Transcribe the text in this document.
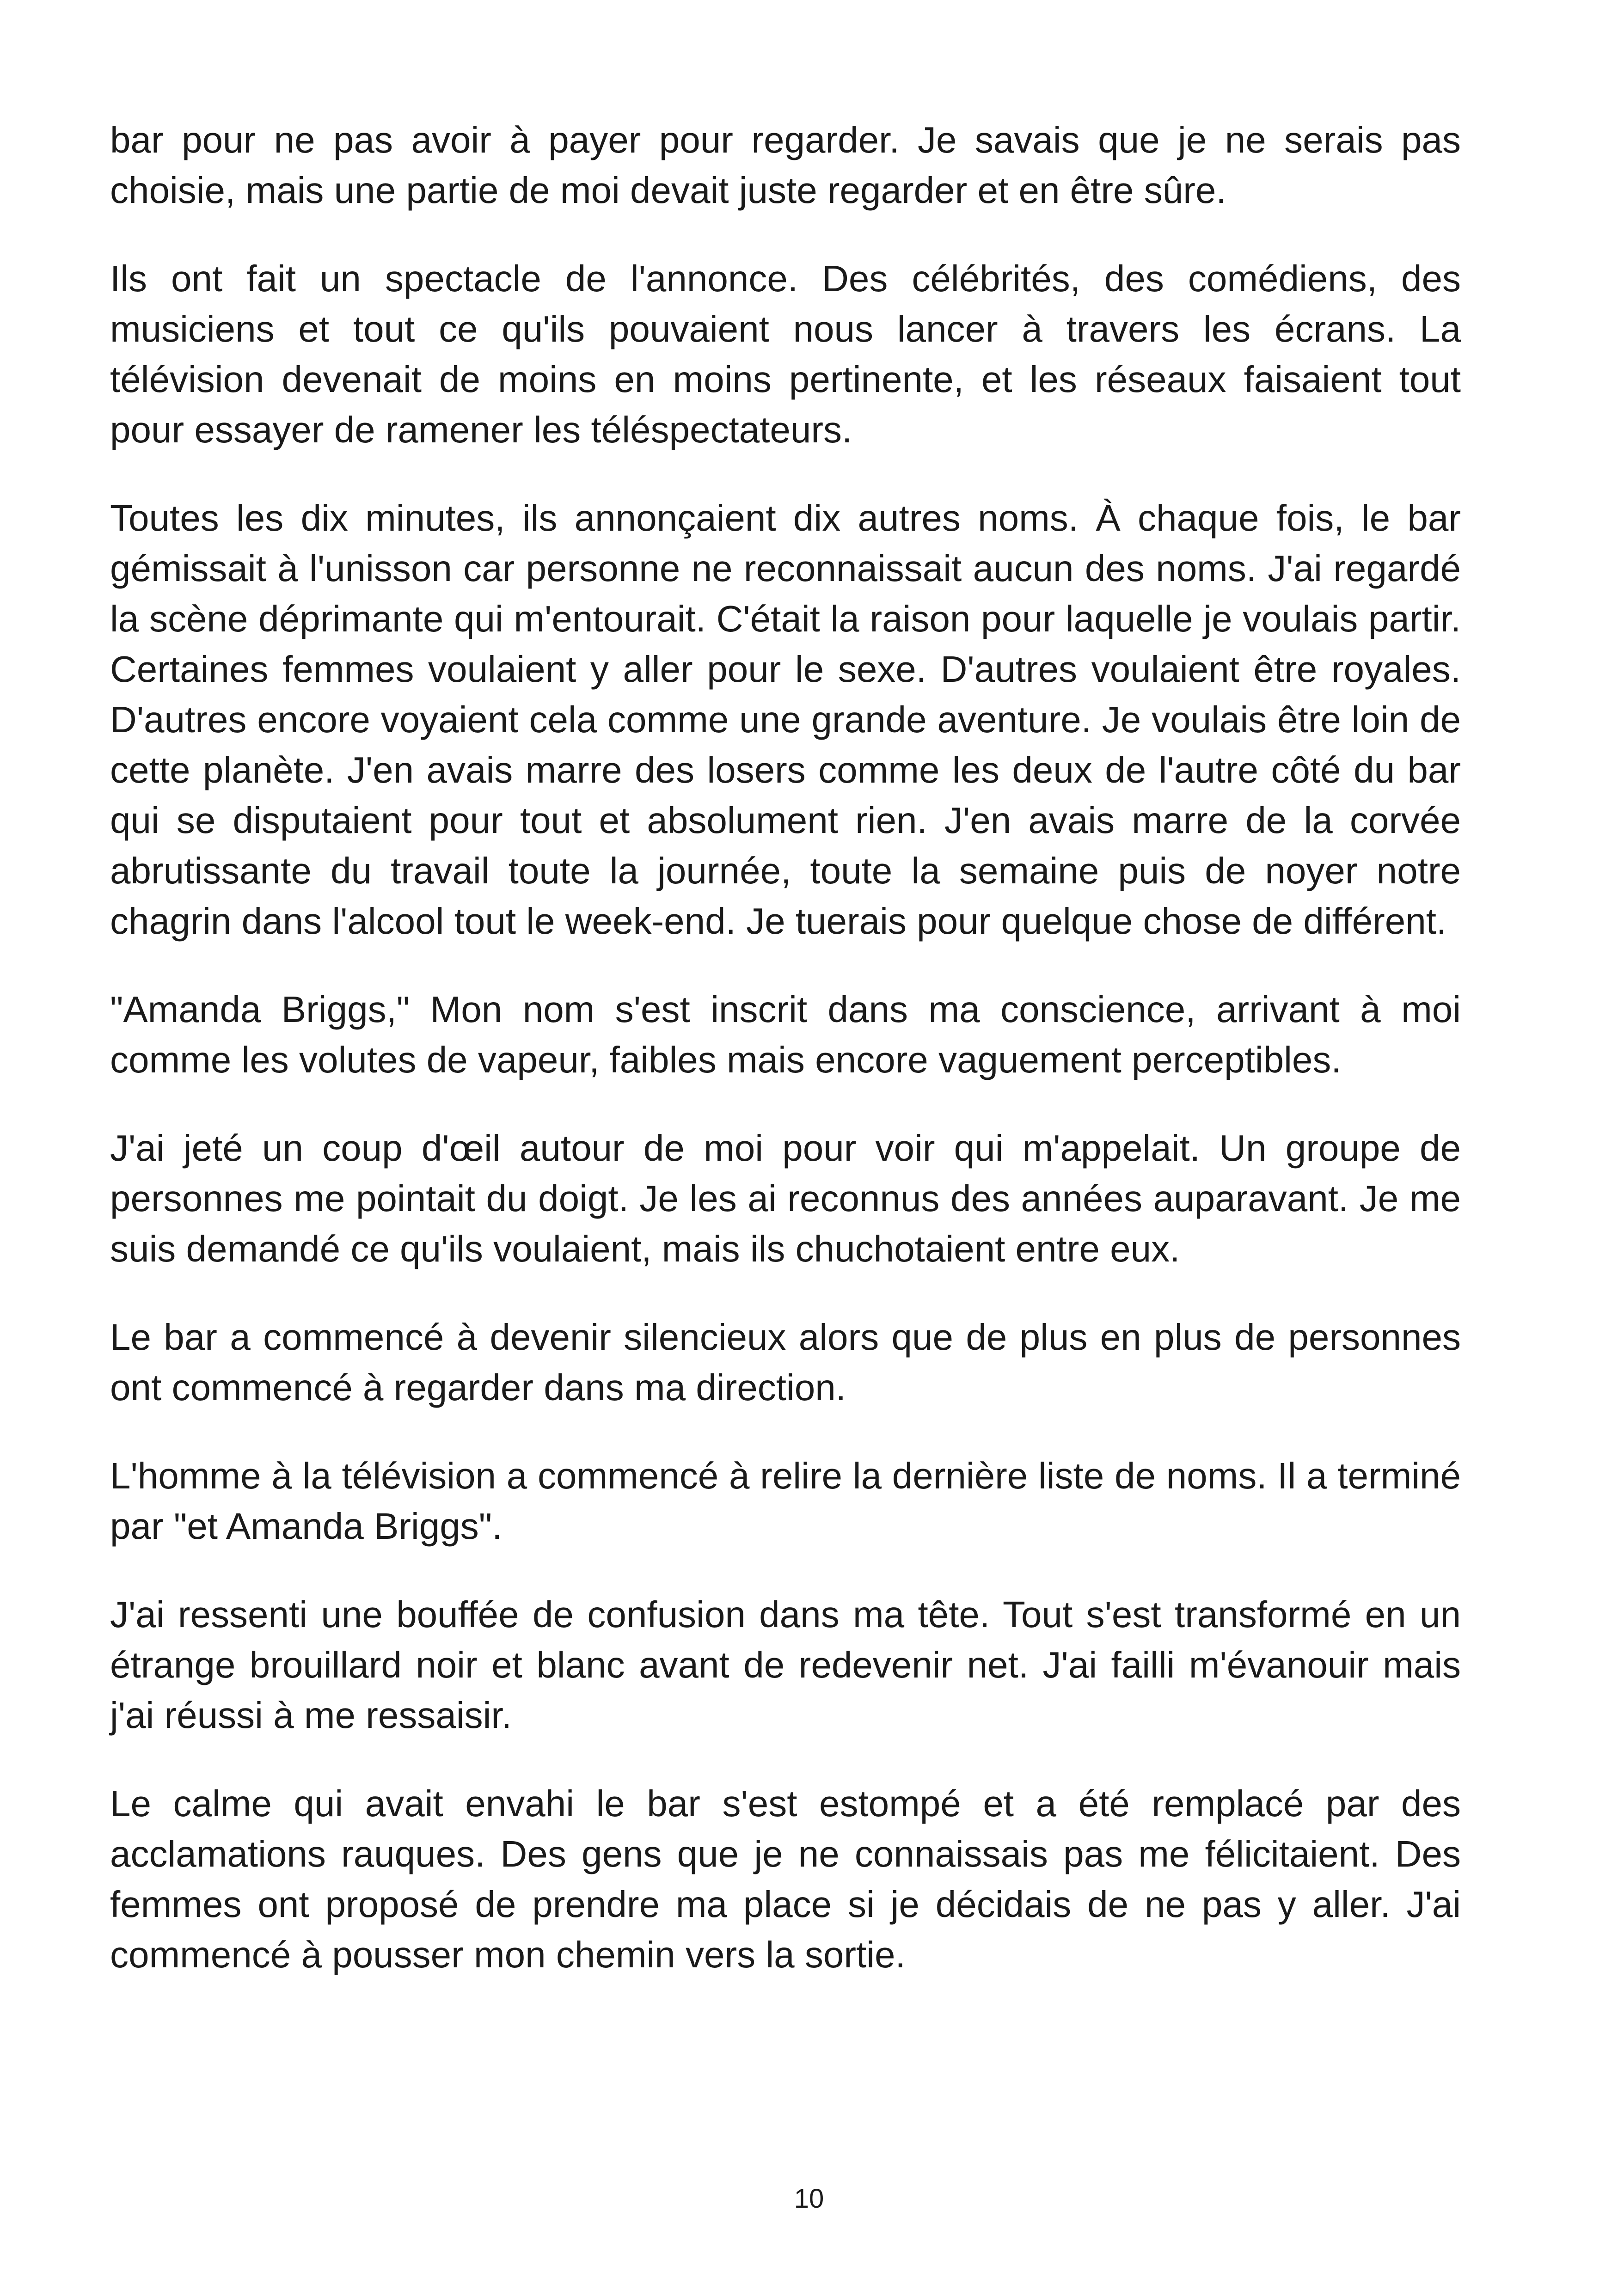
bar pour ne pas avoir à payer pour regarder. Je savais que je ne serais pas choisie, mais une partie de moi devait juste regarder et en être sûre.

Ils ont fait un spectacle de l'annonce. Des célébrités, des comédiens, des musiciens et tout ce qu'ils pouvaient nous lancer à travers les écrans. La télévision devenait de moins en moins pertinente, et les réseaux faisaient tout pour essayer de ramener les téléspectateurs.

Toutes les dix minutes, ils annonçaient dix autres noms. À chaque fois, le bar gémissait à l'unisson car personne ne reconnaissait aucun des noms. J'ai regardé la scène déprimante qui m'entourait. C'était la raison pour laquelle je voulais partir. Certaines femmes voulaient y aller pour le sexe. D'autres voulaient être royales. D'autres encore voyaient cela comme une grande aventure. Je voulais être loin de cette planète. J'en avais marre des losers comme les deux de l'autre côté du bar qui se disputaient pour tout et absolument rien. J'en avais marre de la corvée abrutissante du travail toute la journée, toute la semaine puis de noyer notre chagrin dans l'alcool tout le week-end. Je tuerais pour quelque chose de différent.

"Amanda Briggs," Mon nom s'est inscrit dans ma conscience, arrivant à moi comme les volutes de vapeur, faibles mais encore vaguement perceptibles.

J'ai jeté un coup d'œil autour de moi pour voir qui m'appelait. Un groupe de personnes me pointait du doigt. Je les ai reconnus des années auparavant. Je me suis demandé ce qu'ils voulaient, mais ils chuchotaient entre eux.

Le bar a commencé à devenir silencieux alors que de plus en plus de personnes ont commencé à regarder dans ma direction.

L'homme à la télévision a commencé à relire la dernière liste de noms. Il a terminé par "et Amanda Briggs".

J'ai ressenti une bouffée de confusion dans ma tête. Tout s'est transformé en un étrange brouillard noir et blanc avant de redevenir net. J'ai failli m'évanouir mais j'ai réussi à me ressaisir.

Le calme qui avait envahi le bar s'est estompé et a été remplacé par des acclamations rauques. Des gens que je ne connaissais pas me félicitaient. Des femmes ont proposé de prendre ma place si je décidais de ne pas y aller. J'ai commencé à pousser mon chemin vers la sortie.

10
